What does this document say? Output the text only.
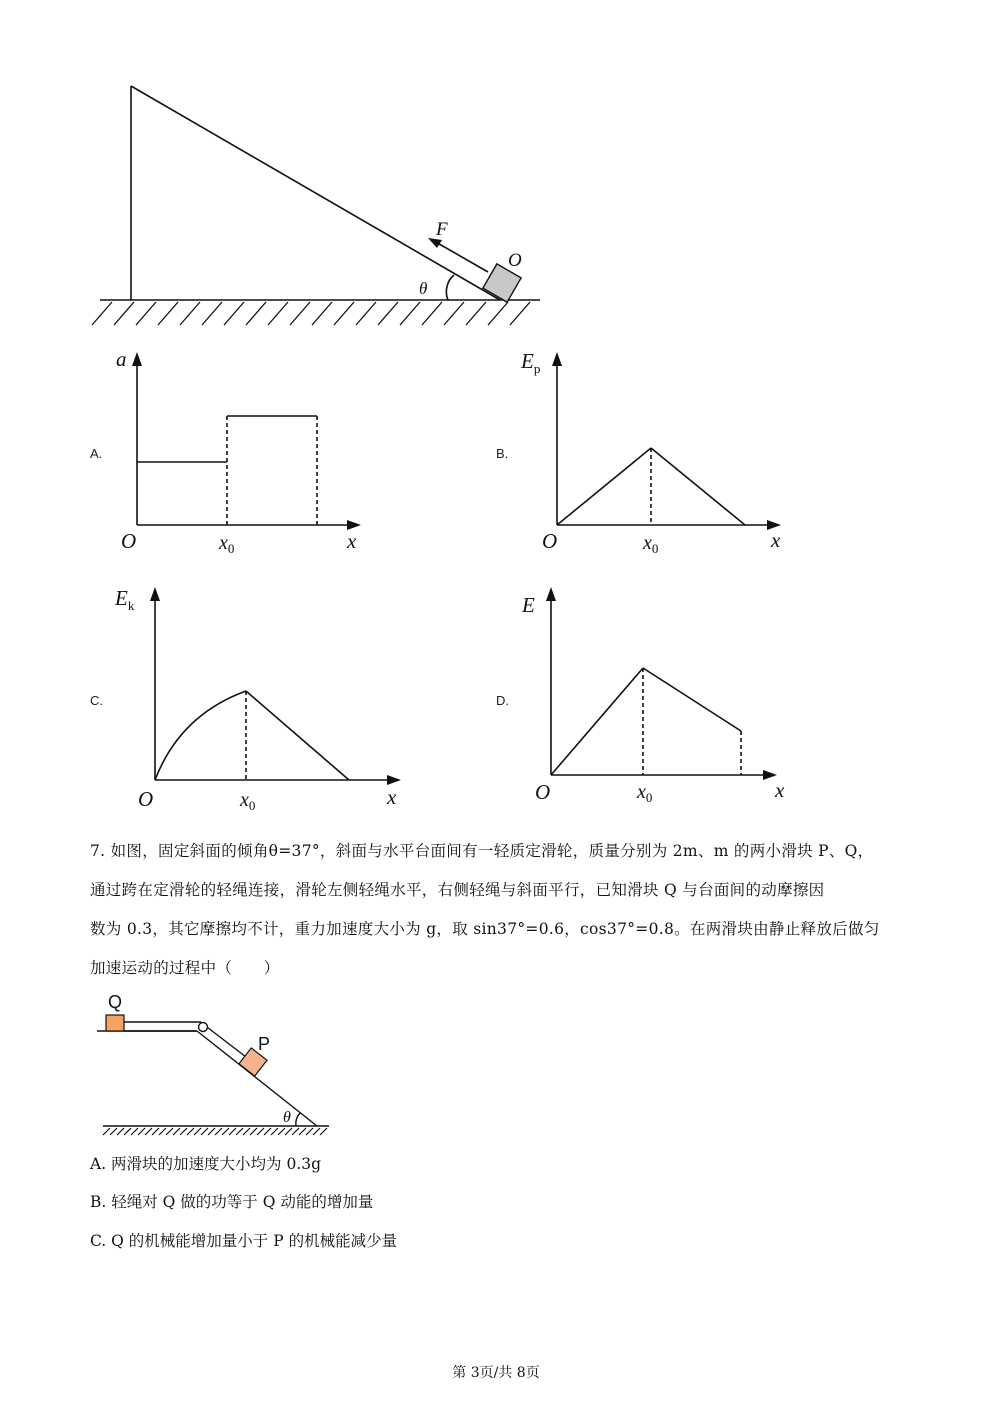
F
O
θ
A.
a
O	$x_0$	x
B.
$E_p$
O	$x_0$	x
C.
$E_k$
O	$x_0$	x
D.
E
O	$x_0$	x
7. 如图，固定斜面的倾角θ=37°，斜面与水平台面间有一轻质定滑轮，质量分别为 2m、m 的两小滑块 P、Q，
通过跨在定滑轮的轻绳连接，滑轮左侧轻绳水平，右侧轻绳与斜面平行，已知滑块 Q 与台面间的动摩擦因
数为 0.3，其它摩擦均不计，重力加速度大小为 g，取 sin37°=0.6，cos37°=0.8。在两滑块由静止释放后做匀
加速运动的过程中（　　）
Q
P
θ
A. 两滑块的加速度大小均为 0.3g
B. 轻绳对 Q 做的功等于 Q 动能的增加量
C. Q 的机械能增加量小于 P 的机械能减少量
第 3页/共 8页
